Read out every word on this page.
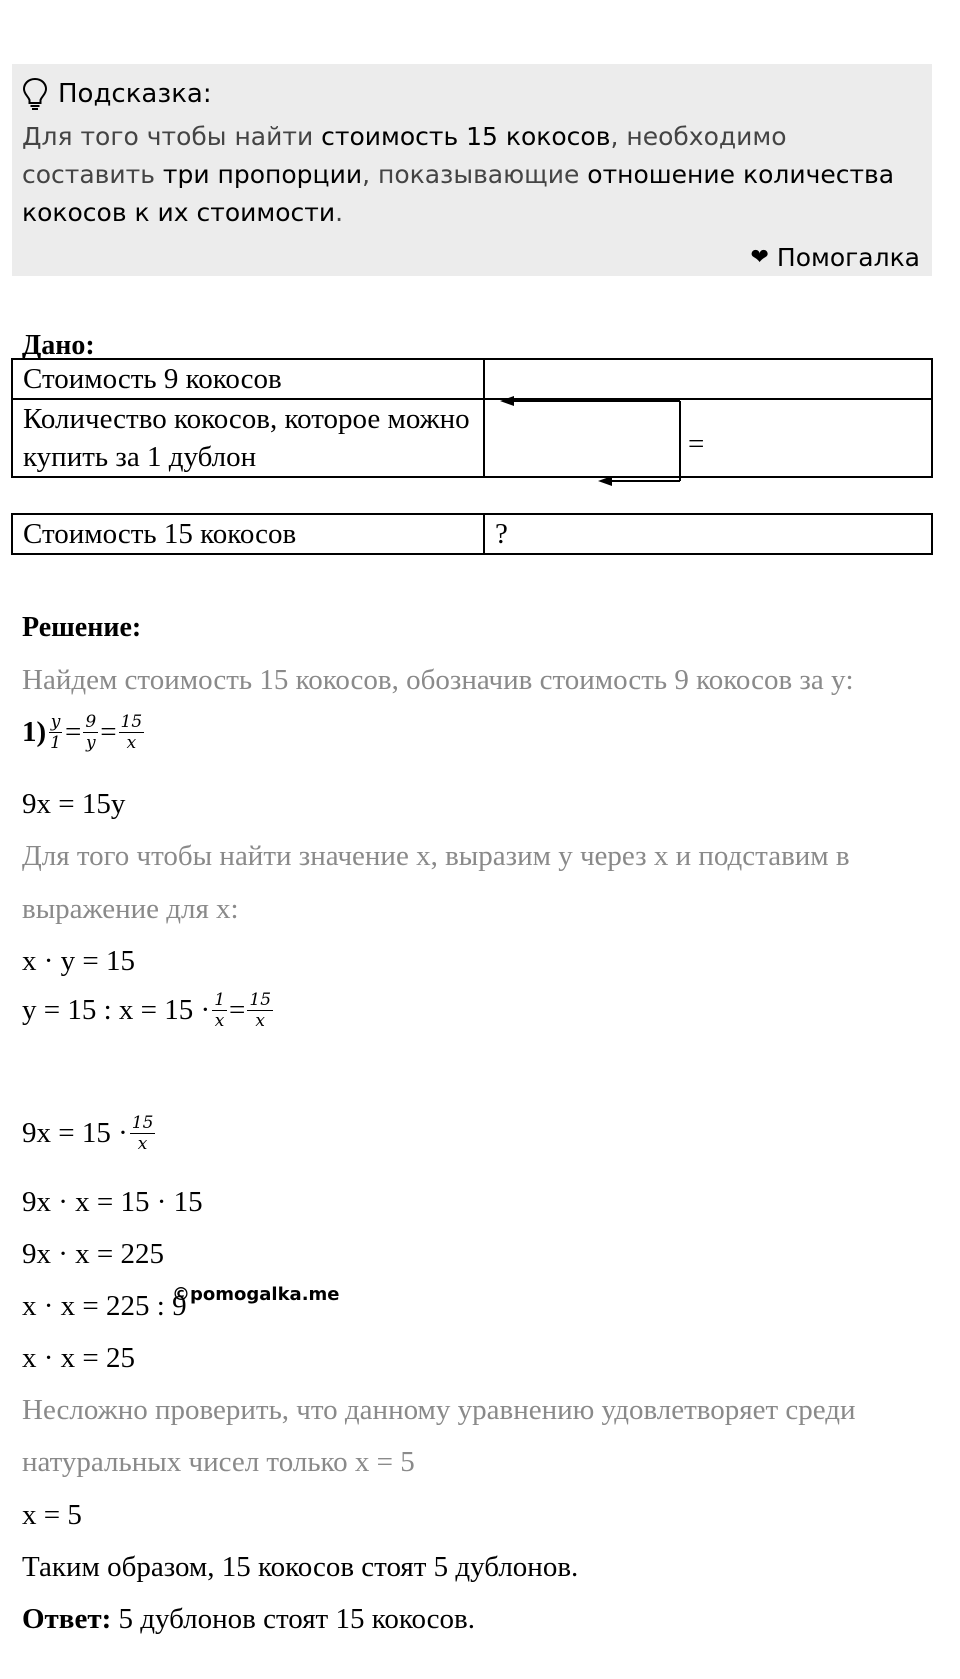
Подсказка:
Для того чтобы найти стоимость 15 кокосов, необходимо составить три пропорции, показывающие отношение количества кокосов к их стоимости.
❤ Помогалка
Дано:
Стоимость 9 кокосов	
Количество кокосов, которое можно купить за 1 дублон		=
Стоимость 15 кокосов	?
Решение:
Найдем стоимость 15 кокосов, обозначив стоимость 9 кокосов за y:
$1) \frac{y}{1} = \frac{9}{y} = \frac{15}{x}$
9x = 15y
Для того чтобы найти значение x, выразим y через x и подставим в
выражение для x:
x · y = 15
y = 15 : $x = 15 \cdot \frac{1}{x} = \frac{15}{x}$
$9x = 15 \cdot \frac{15}{x}$
9x · x = 15 · 15
9x · x = 225
©pomogalka.me
x · x = 225 : 9
x · x = 25
Несложно проверить, что данному уравнению удовлетворяет среди
натуральных чисел только x = 5
x = 5
Таким образом, 15 кокосов стоят 5 дублонов.
Ответ: 5 дублонов стоят 15 кокосов.
